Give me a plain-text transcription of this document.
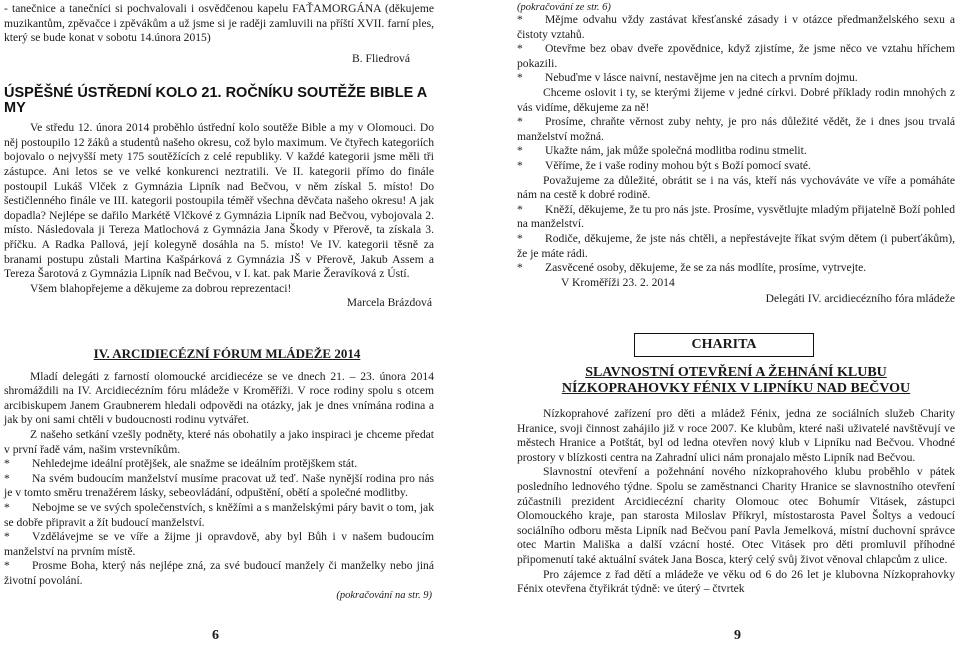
- tanečnice a tanečníci si pochvalovali i osvědčenou kapelu FAŤAMORGÁNA (děkujeme muzikantům, zpěvačce i zpěvákům a už jsme si je raději zamluvili na příští XVII. farní ples, který se bude konat v sobotu 14.února 2015)

B. Fliedrová

ÚSPĚŠNÉ ÚSTŘEDNÍ KOLO 21. ROČNÍKU SOUTĚŽE BIBLE A MY

Ve středu 12. února 2014 proběhlo ústřední kolo soutěže Bible a my v Olomouci. Do něj postoupilo 12 žáků a studentů našeho okresu, což bylo maximum. Ve čtyřech kategoriích bojovalo o nejvyšší mety 175 soutěžících z celé republiky. V každé kategorii jsme měli tři zástupce. Ani letos se ve velké konkurenci neztratili. Ve II. kategorii přímo do finále postoupil Lukáš Vlček z Gymnázia Lipník nad Bečvou, v něm získal 5. místo! Do šestičlenného finále ve III. kategorii postoupila téměř všechna děvčata našeho okresu! A jak dopadla? Nejlépe se dařilo Markétě Vlčkové z Gymnázia Lipník nad Bečvou, vybojovala 2. místo. Následovala ji Tereza Matlochová z Gymnázia Jana Škody v Přerově, ta získala 3. příčku. A Radka Pallová, její kolegyně dosáhla na 5. místo! Ve IV. kategorii těsně za branami postupu zůstali Martina Kašpárková z Gymnázia JŠ v Přerově, Jakub Assem a Tereza Šarotová z Gymnázia Lipník nad Bečvou, v I. kat. pak Marie Žeravíková z Ústí.

Všem blahopřejeme a děkujeme za dobrou reprezentaci!

Marcela Brázdová

IV. ARCIDIECÉZNÍ FÓRUM MLÁDEŽE 2014

Mladí delegáti z farností olomoucké arcidiecéze se ve dnech 21. – 23. února 2014 shromáždili na IV. Arcidiecézním fóru mládeže v Kroměříži. V roce rodiny spolu s otcem arcibiskupem Janem Graubnerem hledali odpovědi na otázky, jak je dnes vnímána rodina a jak by oni sami chtěli v budoucnosti rodinu vytvářet.

Z našeho setkání vzešly podněty, které nás obohatily a jako inspiraci je chceme předat v první řadě vám, našim vrstevníkům.

* Nehledejme ideální protějšek, ale snažme se ideálním protějškem stát.

* Na svém budoucím manželství musíme pracovat už teď. Naše nynější rodina pro nás je v tomto směru trenažérem lásky, sebeovládání, odpuštění, obětí a společné modlitby.

* Nebojme se ve svých společenstvích, s kněžími a s manželskými páry bavit o tom, jak se dobře připravit a žít budoucí manželství.

* Vzdělávejme se ve víře a žijme ji opravdově, aby byl Bůh i v našem budoucím manželství na prvním místě.

* Prosme Boha, který nás nejlépe zná, za své budoucí manžely či manželky nebo jiná životní povolání.

(pokračování na str. 9)

6

(pokračování ze str. 6)

* Mějme odvahu vždy zastávat křesťanské zásady i v otázce předmanželského sexu a čistoty vztahů.

* Otevřme bez obav dveře zpovědnice, když zjistíme, že jsme něco ve vztahu hříchem pokazili.

* Nebuďme v lásce naivní, nestavějme jen na citech a prvním dojmu.

Chceme oslovit i ty, se kterými žijeme v jedné církvi. Dobré příklady rodin mnohých z vás vidíme, děkujeme za ně!

* Prosíme, chraňte věrnost zuby nehty, je pro nás důležité vědět, že i dnes jsou trvalá manželství možná.

* Ukažte nám, jak může společná modlitba rodinu stmelit.

* Věříme, že i vaše rodiny mohou být s Boží pomocí svaté.

Považujeme za důležité, obrátit se i na vás, kteří nás vychováváte ve víře a pomáháte nám na cestě k dobré rodině.

* Kněží, děkujeme, že tu pro nás jste. Prosíme, vysvětlujte mladým přijatelně Boží pohled na manželství.

* Rodiče, děkujeme, že jste nás chtěli, a nepřestávejte říkat svým dětem (i puberťákům), že je máte rádi.

* Zasvěcené osoby, děkujeme, že se za nás modlíte, prosíme, vytrvejte.

V Kroměříži 23. 2. 2014

Delegáti IV. arcidiecézního fóra mládeže

CHARITA

SLAVNOSTNÍ OTEVŘENÍ A ŽEHNÁNÍ KLUBU

NÍZKOPRAHOVKY FÉNIX V LIPNÍKU NAD BEČVOU

Nízkoprahové zařízení pro děti a mládež Fénix, jedna ze sociálních služeb Charity Hranice, svoji činnost zahájilo již v roce 2007. Ke klubům, které naši uživatelé navštěvují ve městech Hranice a Potštát, byl od ledna otevřen nový klub v Lipníku nad Bečvou. Vhodné prostory v blízkosti centra na Zahradní ulici nám pronajalo město Lipník nad Bečvou.

Slavnostní otevření a požehnání nového nízkoprahového klubu proběhlo v pátek posledního lednového týdne. Spolu se zaměstnanci Charity Hranice se slavnostního otevření zúčastnili prezident Arcidiecézní charity Olomouc otec Bohumír Vitásek, zástupci Olomouckého kraje, pan starosta Miloslav Příkryl, místostarosta Pavel Šoltys a vedoucí sociálního odboru města Lipník nad Bečvou paní Pavla Jemelková, místní duchovní správce otec Martin Mališka a další vzácní hosté. Otec Vitásek pro děti promluvil příhodné připomenutí také aktuální svátek Jana Bosca, který celý svůj život věnoval chlapcům z ulice.

Pro zájemce z řad dětí a mládeže ve věku od 6 do 26 let je klubovna Nízkoprahovky Fénix otevřena čtyřikrát týdně: ve úterý – čtvrtek

9
